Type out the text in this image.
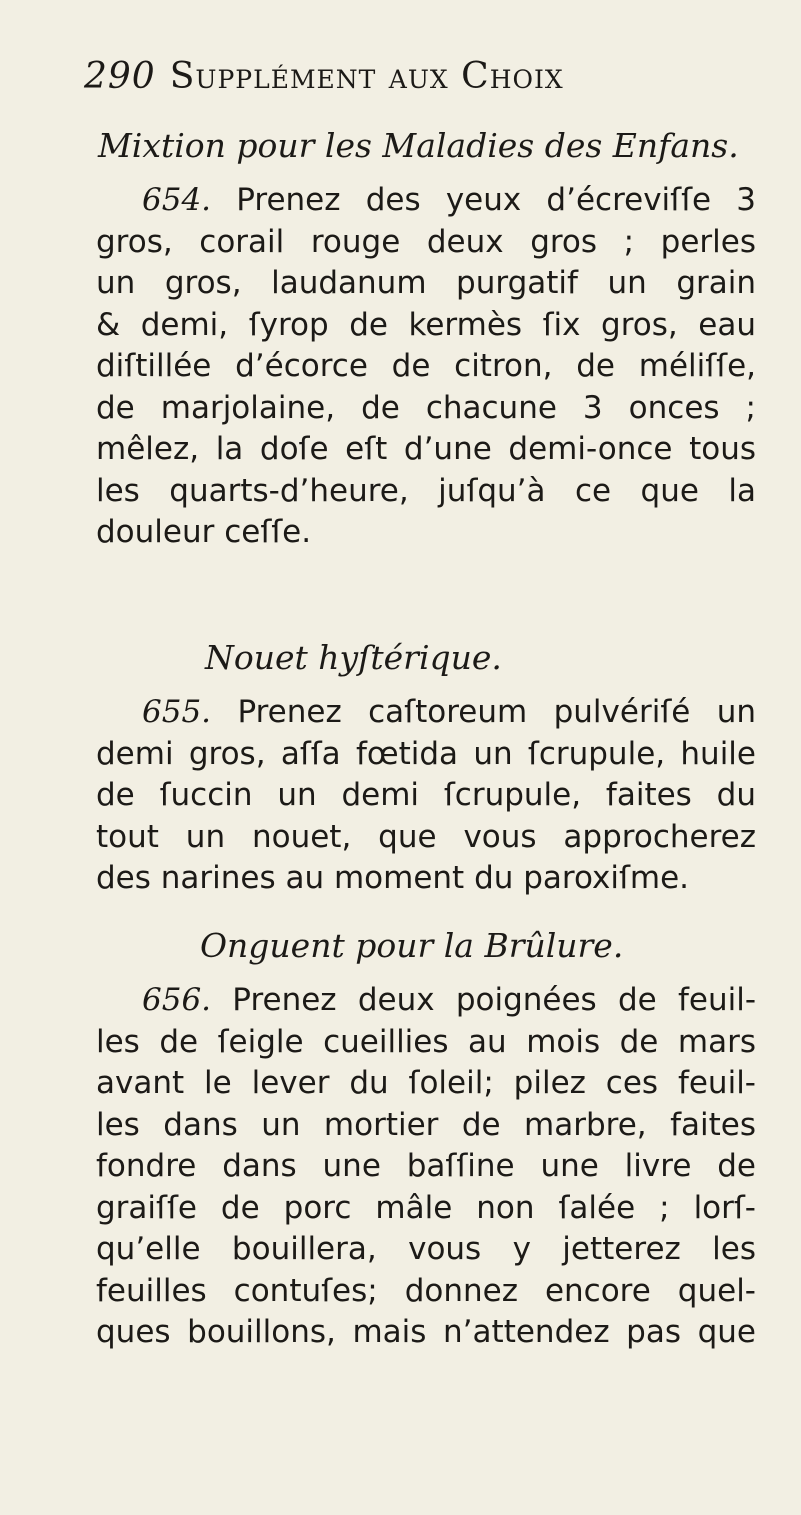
290 Supplément aux Choix
Mixtion pour les Maladies des Enfans.
654. Prenez des yeux d’écreviſſe 3
gros, corail rouge deux gros ; perles
un gros, laudanum purgatif un grain
& demi, ſyrop de kermès ſix gros, eau
diſtillée d’écorce de citron, de méliſſe,
de marjolaine, de chacune 3 onces ;
mêlez, la doſe eſt d’une demi-once tous
les quarts-d’heure, juſqu’à ce que la
douleur ceſſe.
Nouet hyſtérique.
655. Prenez caſtoreum pulvériſé un
demi gros, aſſa fœtida un ſcrupule, huile
de ſuccin un demi ſcrupule, faites du
tout un nouet, que vous approcherez
des narines au moment du paroxiſme.
Onguent pour la Brûlure.
656. Prenez deux poignées de feuil-
les de ſeigle cueillies au mois de mars
avant le lever du ſoleil; pilez ces feuil-
les dans un mortier de marbre, faites
fondre dans une baſſine une livre de
graiſſe de porc mâle non ſalée ; lorſ-
qu’elle bouillera, vous y jetterez les
feuilles contuſes; donnez encore quel-
ques bouillons, mais n’attendez pas que
